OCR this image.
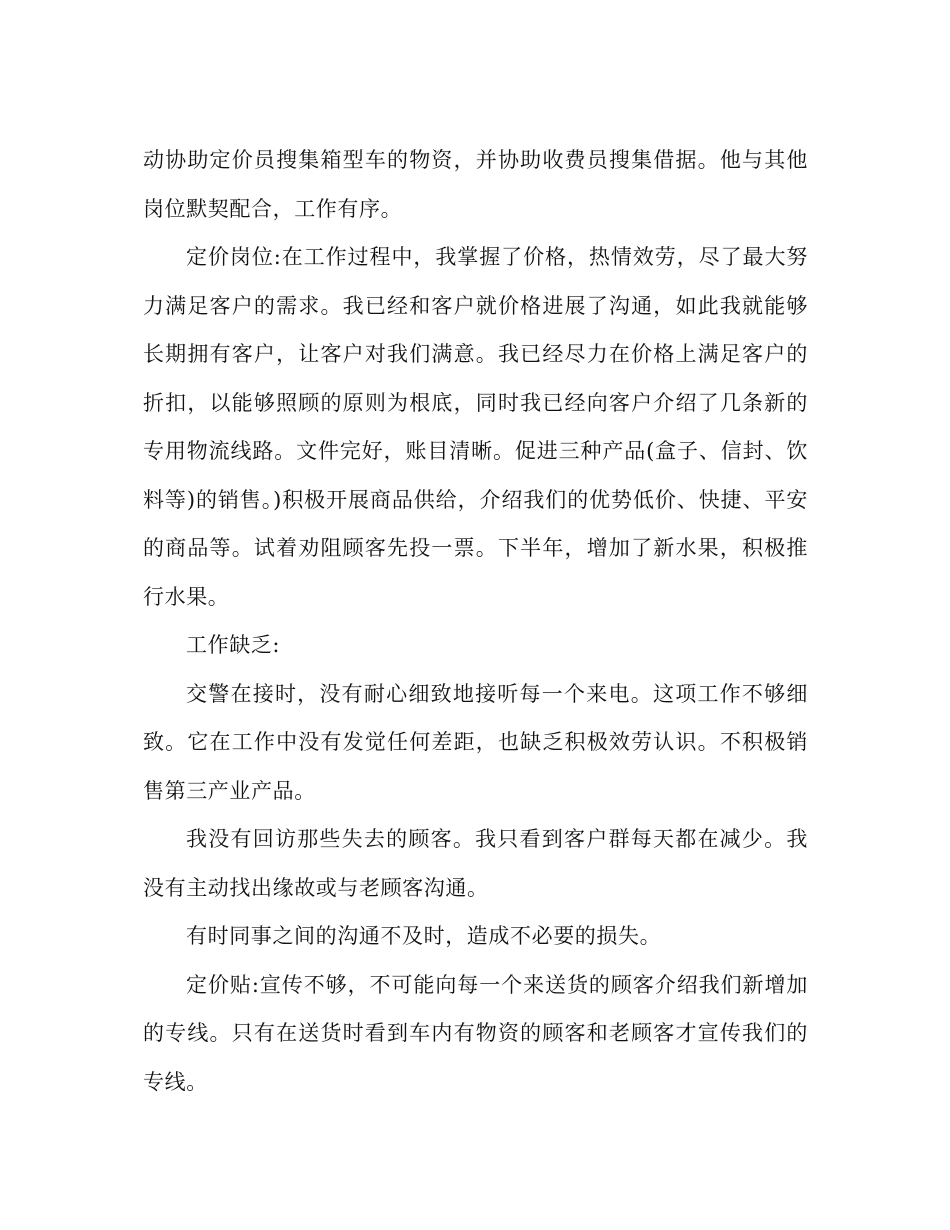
动协助定价员搜集箱型车的物资，并协助收费员搜集借据。他与其他岗位默契配合，工作有序。

定价岗位:在工作过程中，我掌握了价格，热情效劳，尽了最大努力满足客户的需求。我已经和客户就价格进展了沟通，如此我就能够长期拥有客户，让客户对我们满意。我已经尽力在价格上满足客户的折扣，以能够照顾的原则为根底，同时我已经向客户介绍了几条新的专用物流线路。文件完好，账目清晰。促进三种产品(盒子、信封、饮料等)的销售。)积极开展商品供给，介绍我们的优势低价、快捷、平安的商品等。试着劝阻顾客先投一票。下半年，增加了新水果，积极推行水果。

工作缺乏:

交警在接时，没有耐心细致地接听每一个来电。这项工作不够细致。它在工作中没有发觉任何差距，也缺乏积极效劳认识。不积极销售第三产业产品。

我没有回访那些失去的顾客。我只看到客户群每天都在减少。我没有主动找出缘故或与老顾客沟通。

有时同事之间的沟通不及时，造成不必要的损失。

定价贴:宣传不够，不可能向每一个来送货的顾客介绍我们新增加的专线。只有在送货时看到车内有物资的顾客和老顾客才宣传我们的专线。
